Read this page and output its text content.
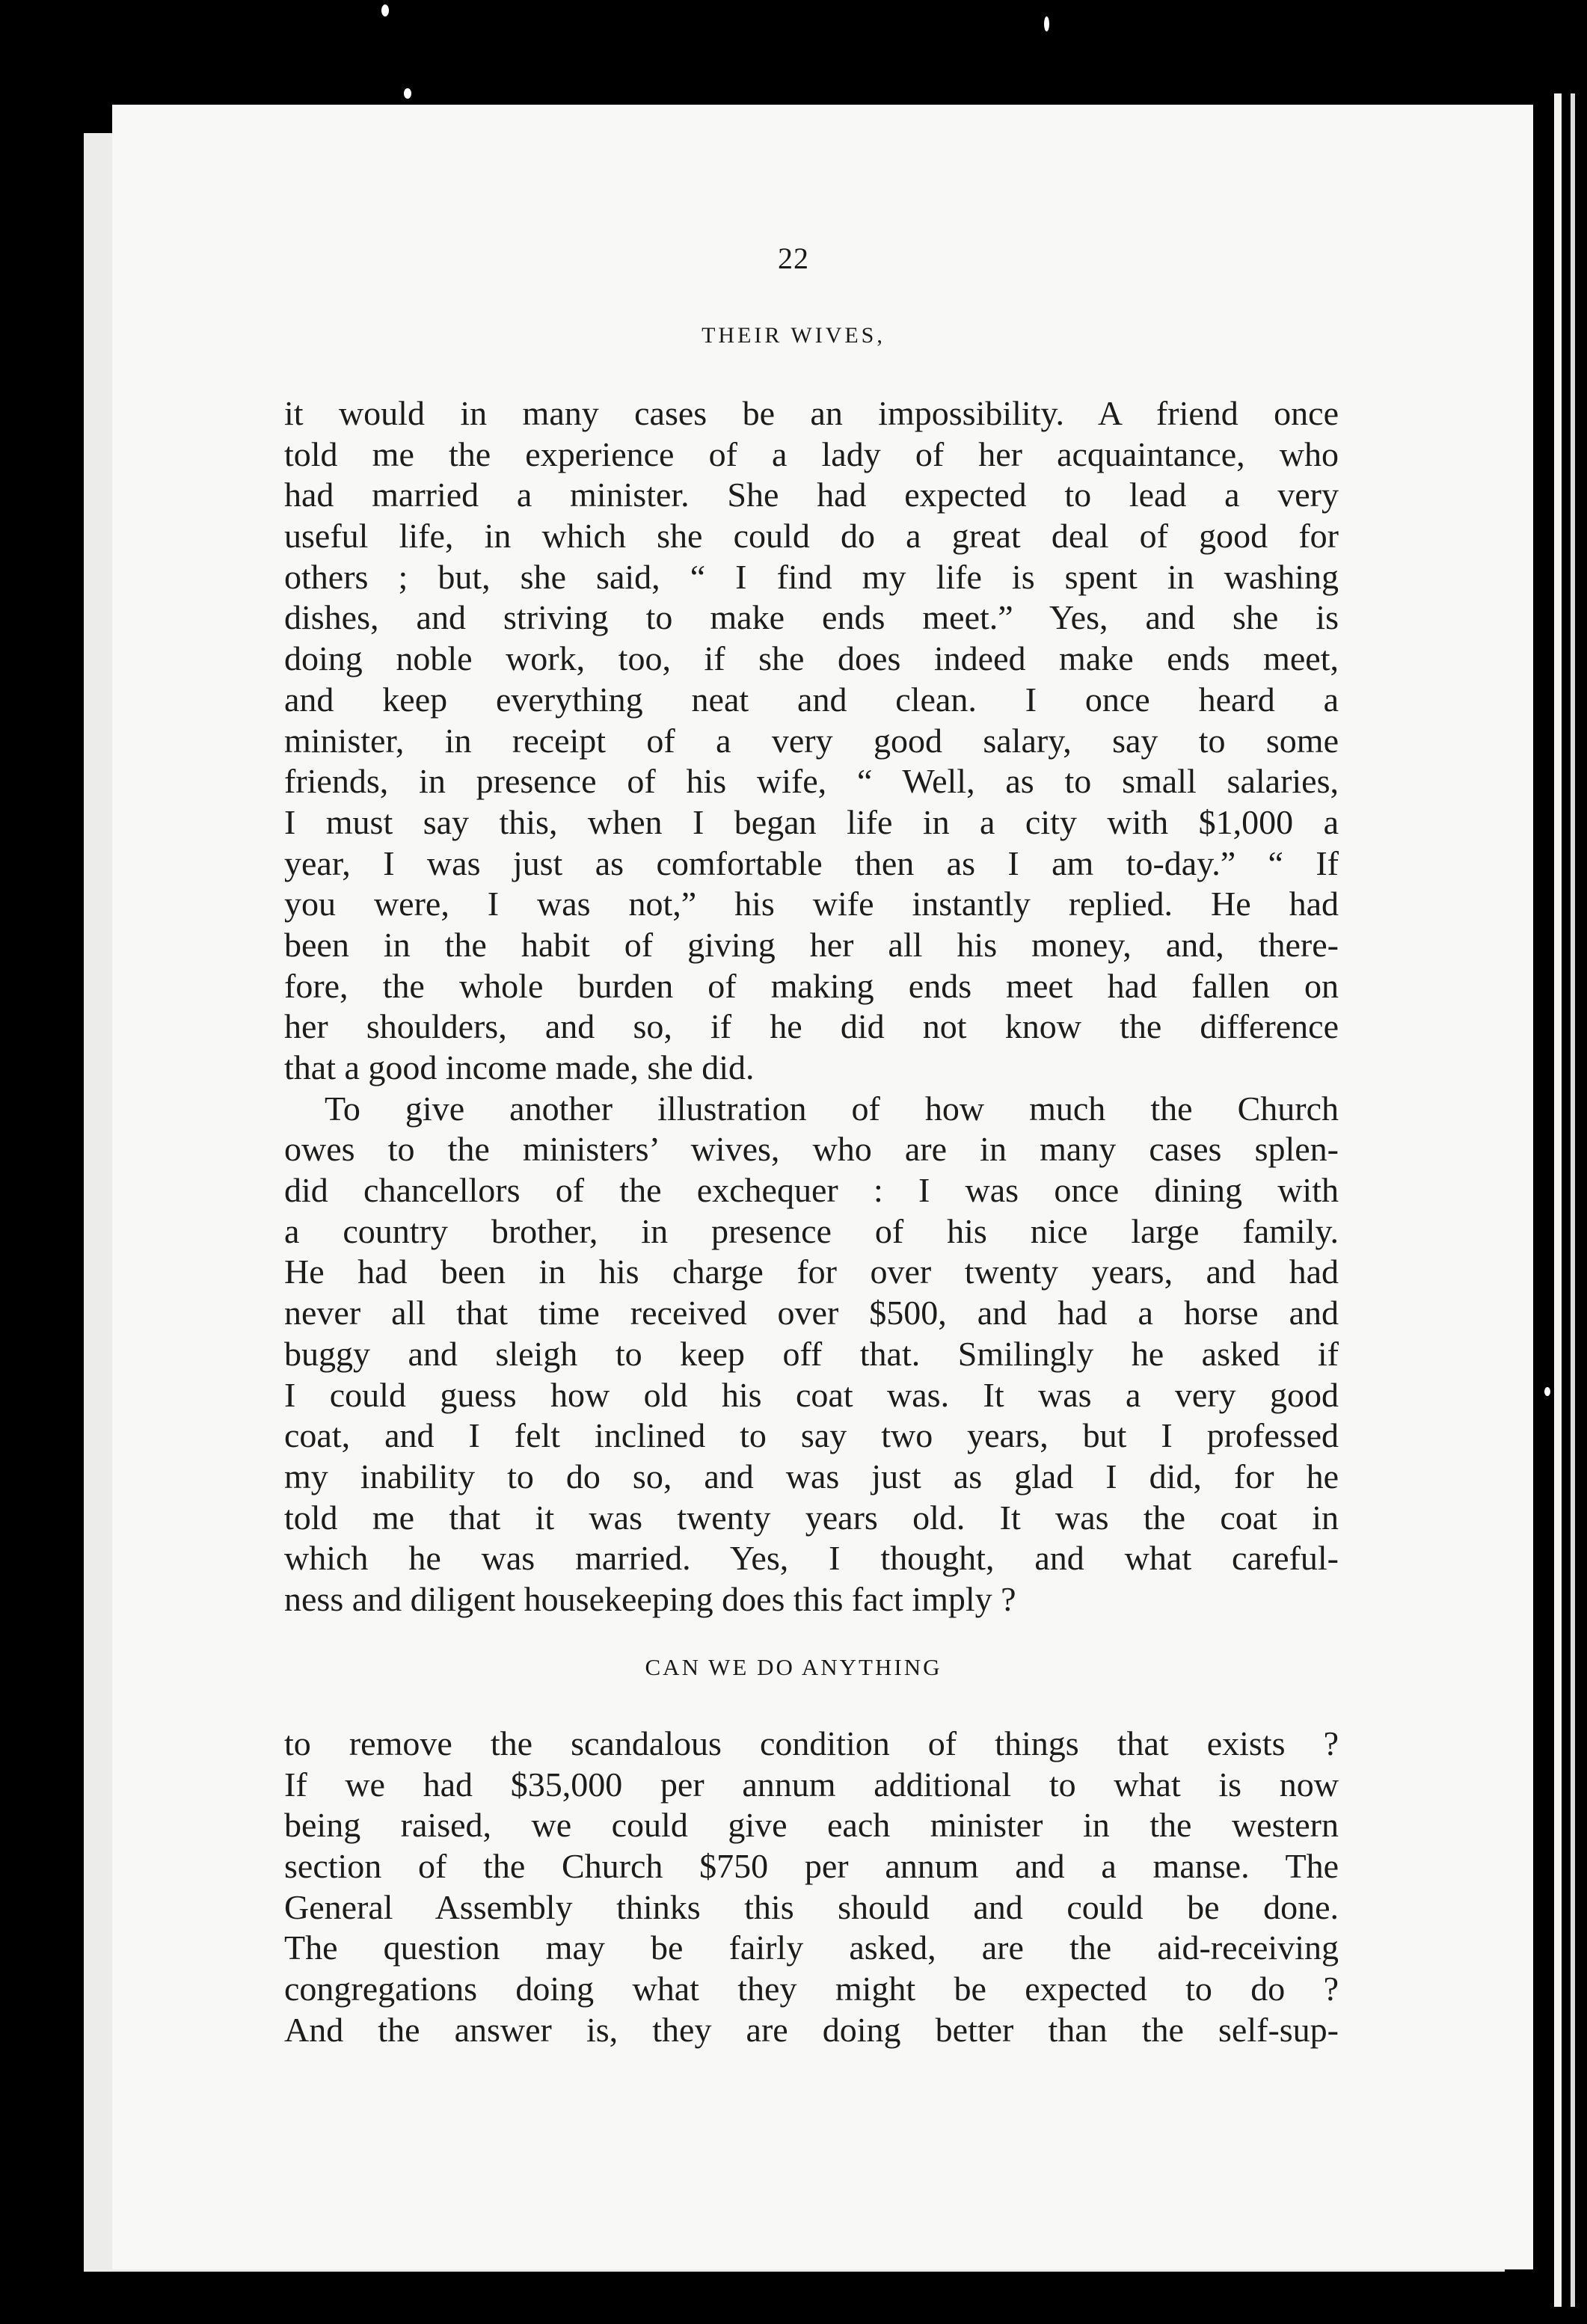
22
THEIR WIVES,
it would in many cases be an impossibility. A friend once
told me the experience of a lady of her acquaintance, who
had married a minister. She had expected to lead a very
useful life, in which she could do a great deal of good for
others ; but, she said, “ I find my life is spent in washing
dishes, and striving to make ends meet.” Yes, and she is
doing noble work, too, if she does indeed make ends meet,
and keep everything neat and clean. I once heard a
minister, in receipt of a very good salary, say to some
friends, in presence of his wife, “ Well, as to small salaries,
I must say this, when I began life in a city with $1,000 a
year, I was just as comfortable then as I am to-day.” “ If
you were, I was not,” his wife instantly replied. He had
been in the habit of giving her all his money, and, there-
fore, the whole burden of making ends meet had fallen on
her shoulders, and so, if he did not know the difference
that a good income made, she did.
To give another illustration of how much the Church
owes to the ministers’ wives, who are in many cases splen-
did chancellors of the exchequer : I was once dining with
a country brother, in presence of his nice large family.
He had been in his charge for over twenty years, and had
never all that time received over $500, and had a horse and
buggy and sleigh to keep off that. Smilingly he asked if
I could guess how old his coat was. It was a very good
coat, and I felt inclined to say two years, but I professed
my inability to do so, and was just as glad I did, for he
told me that it was twenty years old. It was the coat in
which he was married. Yes, I thought, and what careful-
ness and diligent housekeeping does this fact imply ?
CAN WE DO ANYTHING
to remove the scandalous condition of things that exists ?
If we had $35,000 per annum additional to what is now
being raised, we could give each minister in the western
section of the Church $750 per annum and a manse. The
General Assembly thinks this should and could be done.
The question may be fairly asked, are the aid-receiving
congregations doing what they might be expected to do ?
And the answer is, they are doing better than the self-sup-
